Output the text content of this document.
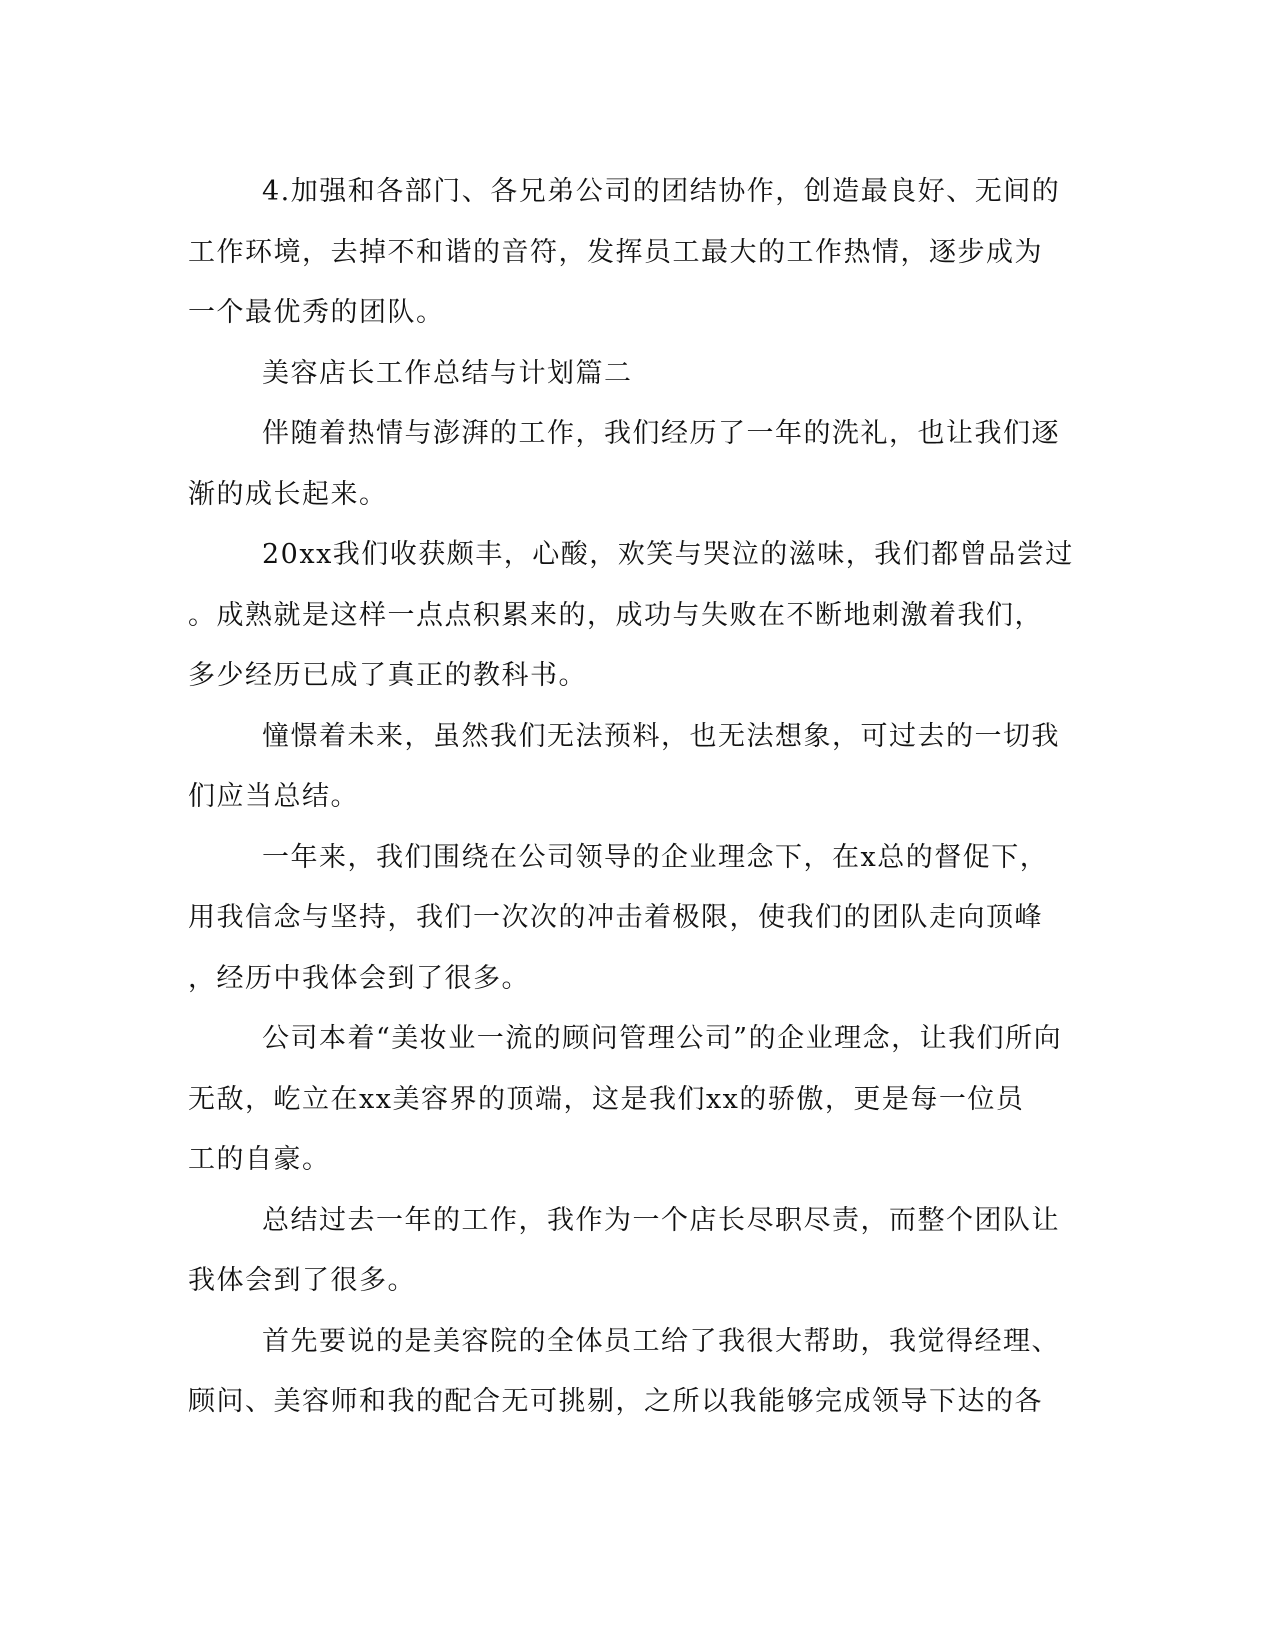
4.加强和各部门、各兄弟公司的团结协作，创造最良好、无间的
工作环境，去掉不和谐的音符，发挥员工最大的工作热情，逐步成为
一个最优秀的团队。
美容店长工作总结与计划篇二
伴随着热情与澎湃的工作，我们经历了一年的洗礼，也让我们逐
渐的成长起来。
20xx我们收获颇丰，心酸，欢笑与哭泣的滋味，我们都曾品尝过
。成熟就是这样一点点积累来的，成功与失败在不断地刺激着我们，
多少经历已成了真正的教科书。
憧憬着未来，虽然我们无法预料，也无法想象，可过去的一切我
们应当总结。
一年来，我们围绕在公司领导的企业理念下，在x总的督促下，
用我信念与坚持，我们一次次的冲击着极限，使我们的团队走向顶峰
，经历中我体会到了很多。
公司本着“美妆业一流的顾问管理公司”的企业理念，让我们所向
无敌，屹立在xx美容界的顶端，这是我们xx的骄傲，更是每一位员
工的自豪。
总结过去一年的工作，我作为一个店长尽职尽责，而整个团队让
我体会到了很多。
首先要说的是美容院的全体员工给了我很大帮助，我觉得经理、
顾问、美容师和我的配合无可挑剔，之所以我能够完成领导下达的各
